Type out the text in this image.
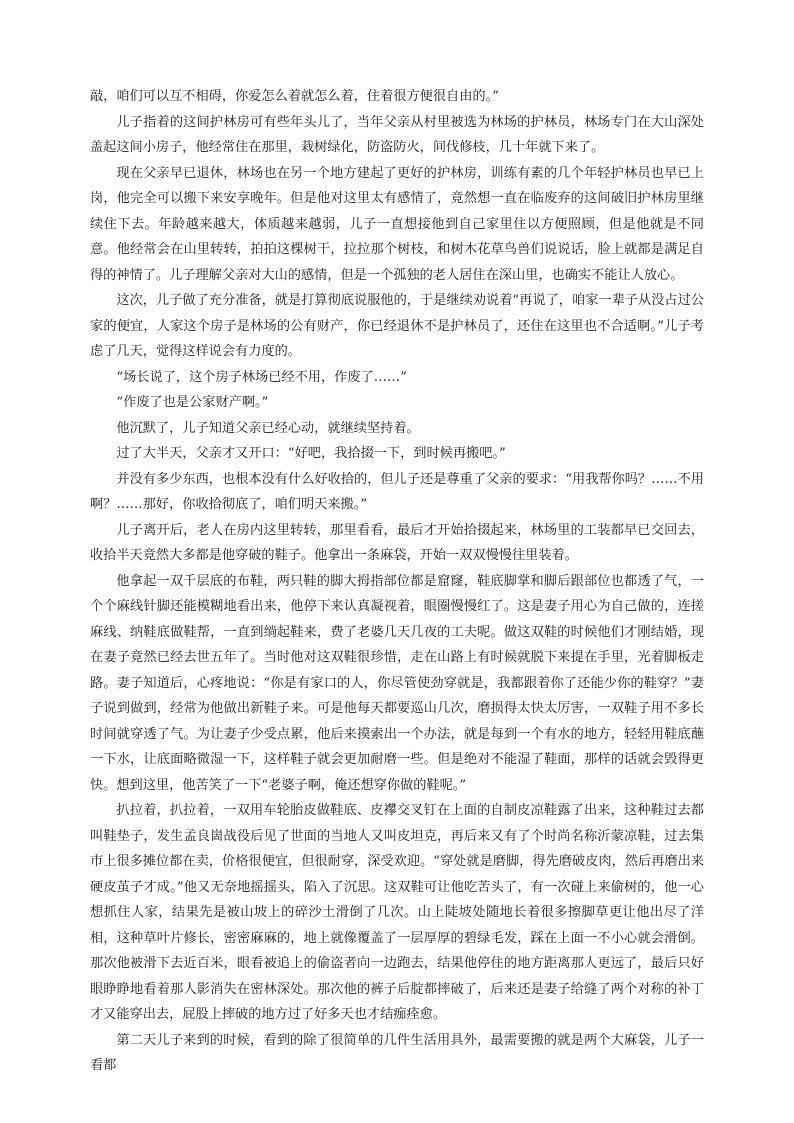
敲，咱们可以互不相碍，你爱怎么着就怎么着，住着很方便很自由的。”

儿子指着的这间护林房可有些年头儿了，当年父亲从村里被选为林场的护林员，林场专门在大山深处盖起这间小房子，他经常住在那里，栽树绿化，防盗防火，间伐修枝，几十年就下来了。

现在父亲早已退休，林场也在另一个地方建起了更好的护林房，训练有素的几个年轻护林员也早已上岗，他完全可以搬下来安享晚年。但是他对这里太有感情了，竟然想一直在临废弃的这间破旧护林房里继续住下去。年龄越来越大，体质越来越弱，儿子一直想接他到自己家里住以方便照顾，但是他就是不同意。他经常会在山里转转，拍拍这棵树干，拉拉那个树枝，和树木花草鸟兽们说说话，脸上就都是满足自得的神情了。儿子理解父亲对大山的感情，但是一个孤独的老人居住在深山里，也确实不能让人放心。

这次，儿子做了充分准备，就是打算彻底说服他的，于是继续劝说着“再说了，咱家一辈子从没占过公家的便宜，人家这个房子是林场的公有财产，你已经退休不是护林员了，还住在这里也不合适啊。”儿子考虑了几天，觉得这样说会有力度的。

“场长说了，这个房子林场已经不用，作废了……”

“作废了也是公家财产啊。”

他沉默了，儿子知道父亲已经心动，就继续坚持着。

过了大半天，父亲才又开口：“好吧，我拾掇一下，到时候再搬吧。”

并没有多少东西，也根本没有什么好收拾的，但儿子还是尊重了父亲的要求：“用我帮你吗？……不用啊？……那好，你收拾彻底了，咱们明天来搬。”

儿子离开后，老人在房内这里转转，那里看看，最后才开始拾掇起来，林场里的工装都早已交回去，收拾半天竟然大多都是他穿破的鞋子。他拿出一条麻袋，开始一双双慢慢往里装着。

他拿起一双千层底的布鞋，两只鞋的脚大拇指部位都是窟窿，鞋底脚掌和脚后跟部位也都透了气，一个个麻线针脚还能模糊地看出来，他停下来认真凝视着，眼圈慢慢红了。这是妻子用心为自己做的，连搓麻线、纳鞋底做鞋帮，一直到绱起鞋来，费了老婆几天几夜的工夫呢。做这双鞋的时候他们才刚结婚，现在妻子竟然已经去世五年了。当时他对这双鞋很珍惜，走在山路上有时候就脱下来提在手里，光着脚板走路。妻子知道后，心疼地说：“你是有家口的人，你尽管使劲穿就是，我都跟着你了还能少你的鞋穿？”妻子说到做到，经常为他做出新鞋子来。可是他每天都要巡山几次，磨损得太快太厉害，一双鞋子用不多长时间就穿透了气。为让妻子少受点累，他后来摸索出一个办法，就是每到一个有水的地方，轻轻用鞋底蘸一下水，让底面略微湿一下，这样鞋子就会更加耐磨一些。但是绝对不能湿了鞋面，那样的话就会毁得更快。想到这里，他苦笑了一下“老婆子啊，俺还想穿你做的鞋呢。”

扒拉着，扒拉着，一双用车轮胎皮做鞋底、皮襻交叉钉在上面的自制皮凉鞋露了出来，这种鞋过去都叫鞋垫子，发生孟良崮战役后见了世面的当地人又叫皮坦克，再后来又有了个时尚名称沂蒙凉鞋，过去集市上很多摊位都在卖，价格很便宜，但很耐穿，深受欢迎。“穿处就是磨脚，得先磨破皮肉，然后再磨出来硬皮茧子才成。”他又无奈地摇摇头，陷入了沉思。这双鞋可让他吃苦头了，有一次碰上来偷树的，他一心想抓住人家，结果先是被山坡上的碎沙土滑倒了几次。山上陡坡处随地长着很多擦脚草更让他出尽了洋相，这种草叶片修长，密密麻麻的，地上就像覆盖了一层厚厚的碧绿毛发，踩在上面一不小心就会滑倒。那次他被滑下去近百米，眼看被追上的偷盗者向一边跑去，结果他停住的地方距离那人更远了，最后只好眼睁睁地看着那人影消失在密林深处。那次他的裤子后腚都摔破了，后来还是妻子给缝了两个对称的补丁才又能穿出去，屁股上摔破的地方过了好多天也才结痂痊愈。

第二天儿子来到的时候，看到的除了很简单的几件生活用具外，最需要搬的就是两个大麻袋，儿子一看都
